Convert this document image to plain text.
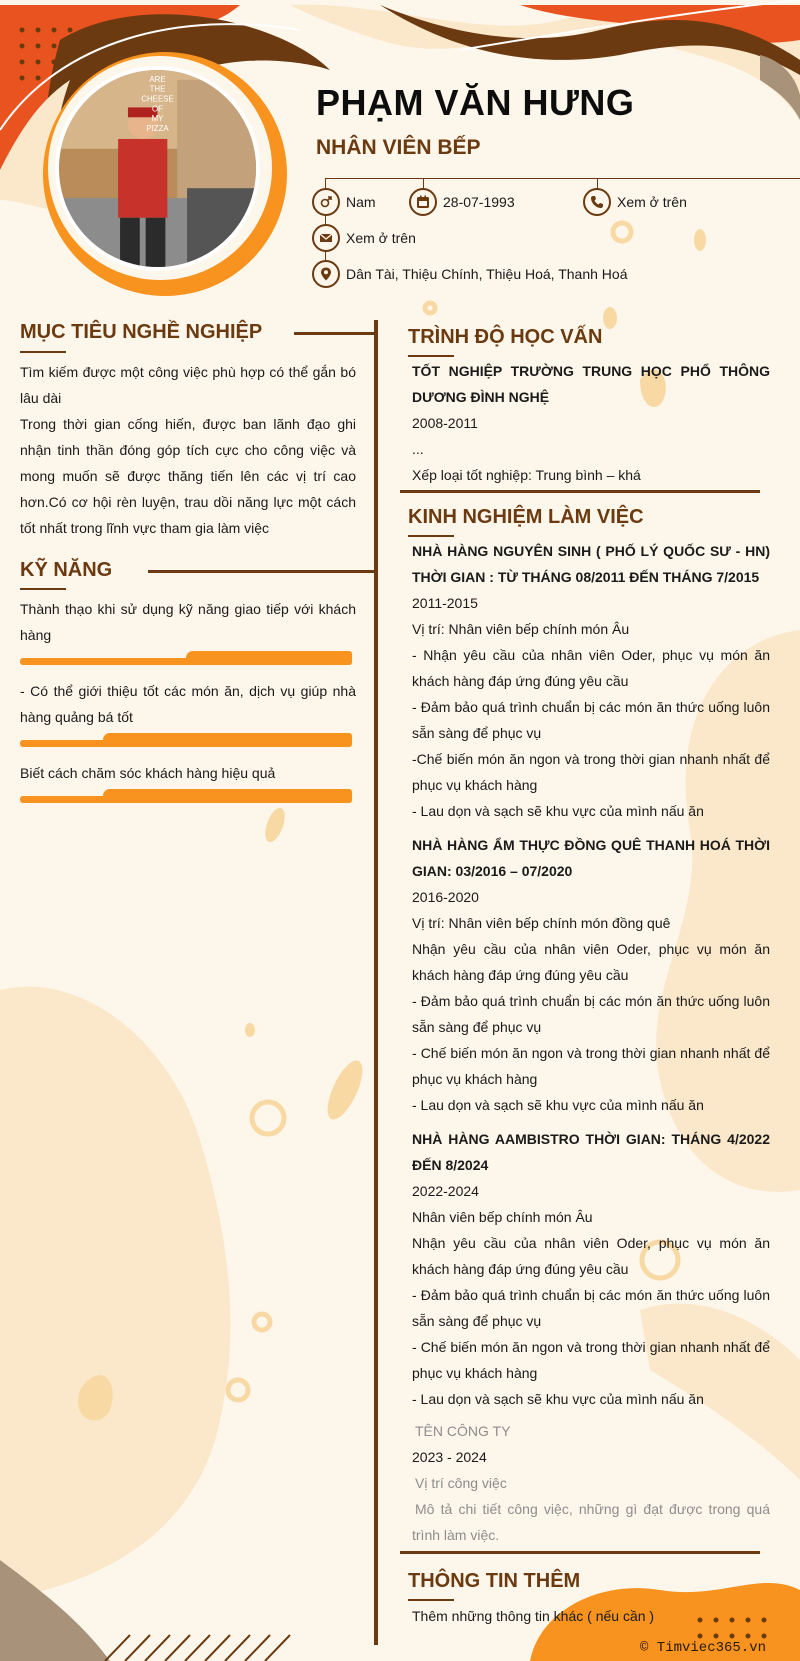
ARE
THE
CHEESE
OF
MY
PIZZA
PHẠM VĂN HƯNG
NHÂN VIÊN BẾP
Nam	28-07-1993	Xem ở trên
Xem ở trên
Dân Tài, Thiệu Chính, Thiệu Hoá, Thanh Hoá
MỤC TIÊU NGHỀ NGHIỆP

Tìm kiếm được một công việc phù hợp có thể gắn bó lâu dài

Trong thời gian cống hiến, được ban lãnh đạo ghi nhận tinh thần đóng góp tích cực cho công việc và mong muốn sẽ được thăng tiến lên các vị trí cao hơn.Có cơ hội rèn luyện, trau dồi năng lực một cách tốt nhất trong lĩnh vực tham gia làm việc

KỸ NĂNG
Thành thạo khi sử dụng kỹ năng giao tiếp với khách hàng
- Có thể giới thiệu tốt các món ăn, dịch vụ giúp nhà hàng quảng bá tốt
Biết cách chăm sóc khách hàng hiệu quả
TRÌNH ĐỘ HỌC VẤN

TỐT NGHIỆP TRƯỜNG TRUNG HỌC PHỔ THÔNG DƯƠNG ĐÌNH NGHỆ

2008-2011

...

Xếp loại tốt nghiệp: Trung bình – khá

KINH NGHIỆM LÀM VIỆC

NHÀ HÀNG NGUYÊN SINH ( PHỐ LÝ QUỐC SƯ - HN) THỜI GIAN : TỪ THÁNG 08/2011 ĐẾN THÁNG 7/2015

2011-2015

Vị trí: Nhân viên bếp chính món Âu

- Nhận yêu cầu của nhân viên Oder, phục vụ món ăn khách hàng đáp ứng đúng yêu cầu

- Đảm bảo quá trình chuẩn bị các món ăn thức uống luôn sẵn sàng để phục vụ

-Chế biến món ăn ngon và trong thời gian nhanh nhất để phục vụ khách hàng

- Lau dọn và sạch sẽ khu vực của mình nấu ăn

NHÀ HÀNG ẨM THỰC ĐỒNG QUÊ THANH HOÁ THỜI GIAN: 03/2016 – 07/2020

2016-2020

Vị trí: Nhân viên bếp chính món đồng quê

Nhận yêu cầu của nhân viên Oder, phục vụ món ăn khách hàng đáp ứng đúng yêu cầu

- Đảm bảo quá trình chuẩn bị các món ăn thức uống luôn sẵn sàng để phục vụ

- Chế biến món ăn ngon và trong thời gian nhanh nhất để phục vụ khách hàng

- Lau dọn và sạch sẽ khu vực của mình nấu ăn

NHÀ HÀNG AAMBISTRO THỜI GIAN: THÁNG 4/2022 ĐẾN 8/2024

2022-2024

Nhân viên bếp chính món Âu

Nhận yêu cầu của nhân viên Oder, phục vụ món ăn khách hàng đáp ứng đúng yêu cầu

- Đảm bảo quá trình chuẩn bị các món ăn thức uống luôn sẵn sàng để phục vụ

- Chế biến món ăn ngon và trong thời gian nhanh nhất để phục vụ khách hàng

- Lau dọn và sạch sẽ khu vực của mình nấu ăn

TÊN CÔNG TY

2023 - 2024

Vị trí công việc

Mô tả chi tiết công việc, những gì đạt được trong quá trình làm việc.

THÔNG TIN THÊM
Thêm những thông tin khác ( nếu cần )
© Timviec365.vn
